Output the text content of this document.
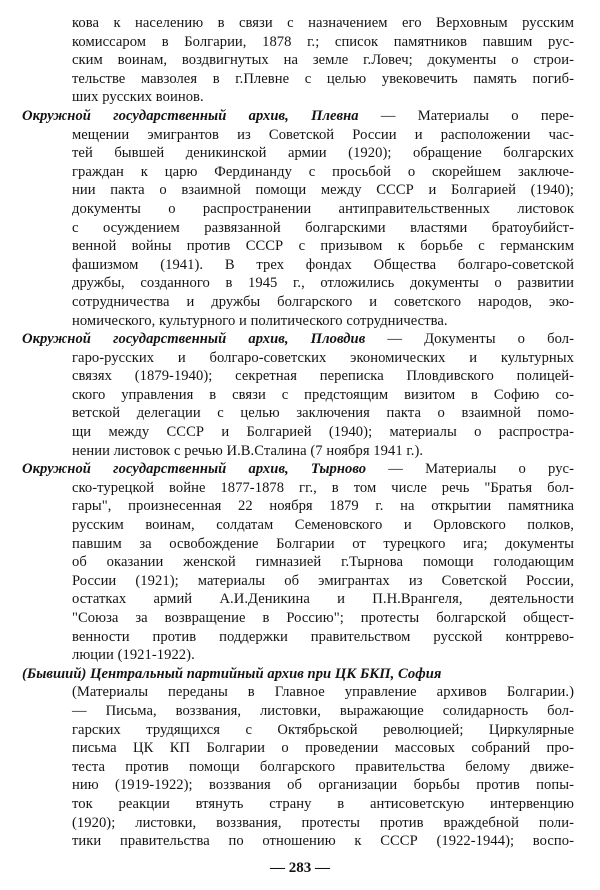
кова к населению в связи с назначением его Верховным русским
комиссаром в Болгарии, 1878 г.; список памятников павшим рус-
ским воинам, воздвигнутых на земле г.Ловеч; документы о строи-
тельстве мавзолея в г.Плевне с целью увековечить память погиб-
ших русских воинов.
Окружной государственный архив, Плевна — Материалы о пере-
мещении эмигрантов из Советской России и расположении час-
тей бывшей деникинской армии (1920); обращение болгарских
граждан к царю Фердинанду с просьбой о скорейшем заключе-
нии пакта о взаимной помощи между СССР и Болгарией (1940);
документы о распространении антиправительственных листовок
с осуждением развязанной болгарскими властями братоубийст-
венной войны против СССР с призывом к борьбе с германским
фашизмом (1941). В трех фондах Общества болгаро-советской
дружбы, созданного в 1945 г., отложились документы о развитии
сотрудничества и дружбы болгарского и советского народов, эко-
номического, культурного и политического сотрудничества.
Окружной государственный архив, Пловдив — Документы о бол-
гаро-русских и болгаро-советских экономических и культурных
связях (1879-1940); секретная переписка Пловдивского полицей-
ского управления в связи с предстоящим визитом в Софию со-
ветской делегации с целью заключения пакта о взаимной помо-
щи между СССР и Болгарией (1940); материалы о распростра-
нении листовок с речью И.В.Сталина (7 ноября 1941 г.).
Окружной государственный архив, Тырново — Материалы о рус-
ско-турецкой войне 1877-1878 гг., в том числе речь "Братья бол-
гары", произнесенная 22 ноября 1879 г. на открытии памятника
русским воинам, солдатам Семеновского и Орловского полков,
павшим за освобождение Болгарии от турецкого ига; документы
об оказании женской гимназией г.Тырнова помощи голодающим
России (1921); материалы об эмигрантах из Советской России,
остатках армий А.И.Деникина и П.Н.Врангеля, деятельности
"Союза за возвращение в Россию"; протесты болгарской общест-
венности против поддержки правительством русской контррево-
люции (1921-1922).
(Бывший) Центральный партийный архив при ЦК БКП, София
(Материалы переданы в Главное управление архивов Болгарии.)
— Письма, воззвания, листовки, выражающие солидарность бол-
гарских трудящихся с Октябрьской революцией; Циркулярные
письма ЦК КП Болгарии о проведении массовых собраний про-
теста против помощи болгарского правительства белому движе-
нию (1919-1922); воззвания об организации борьбы против попы-
ток реакции втянуть страну в антисоветскую интервенцию
(1920); листовки, воззвания, протесты против враждебной поли-
тики правительства по отношению к СССР (1922-1944); воспо-
— 283 —
